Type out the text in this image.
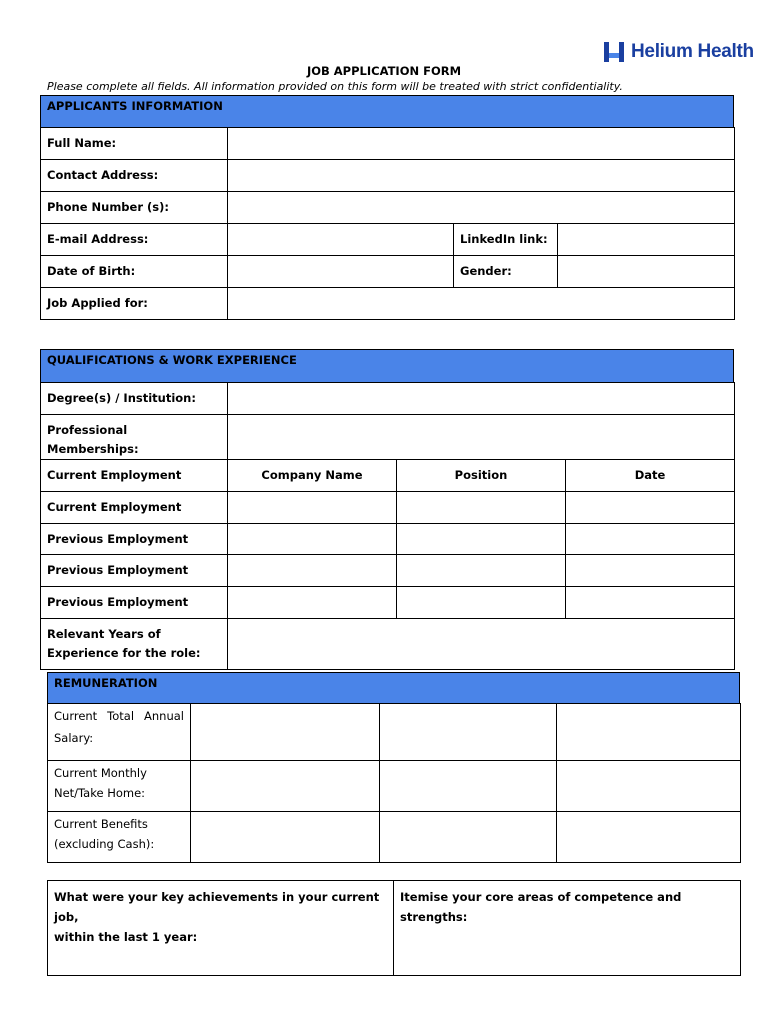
Helium Health
JOB APPLICATION FORM
Please complete all fields. All information provided on this form will be treated with strict confidentiality.
APPLICANTS INFORMATION
Full Name:			
Contact Address:			
Phone Number (s):			
E-mail Address:		LinkedIn link:	
Date of Birth:		Gender:	
Job Applied for:			
QUALIFICATIONS & WORK EXPERIENCE
Degree(s) / Institution:			
Professional Memberships:			
Current Employment	Company Name	Position	Date
Current Employment			
Previous Employment			
Previous Employment			
Previous Employment			

Relevant Years of
Experience for the role:			

REMUNERATION
Current Total Annual
Salary:			

Current Monthly
Net/Take Home:			

Current Benefits
(excluding Cash):			

What were your key achievements in your current job,
within the last 1 year:

Itemise your core areas of competence and strengths:
